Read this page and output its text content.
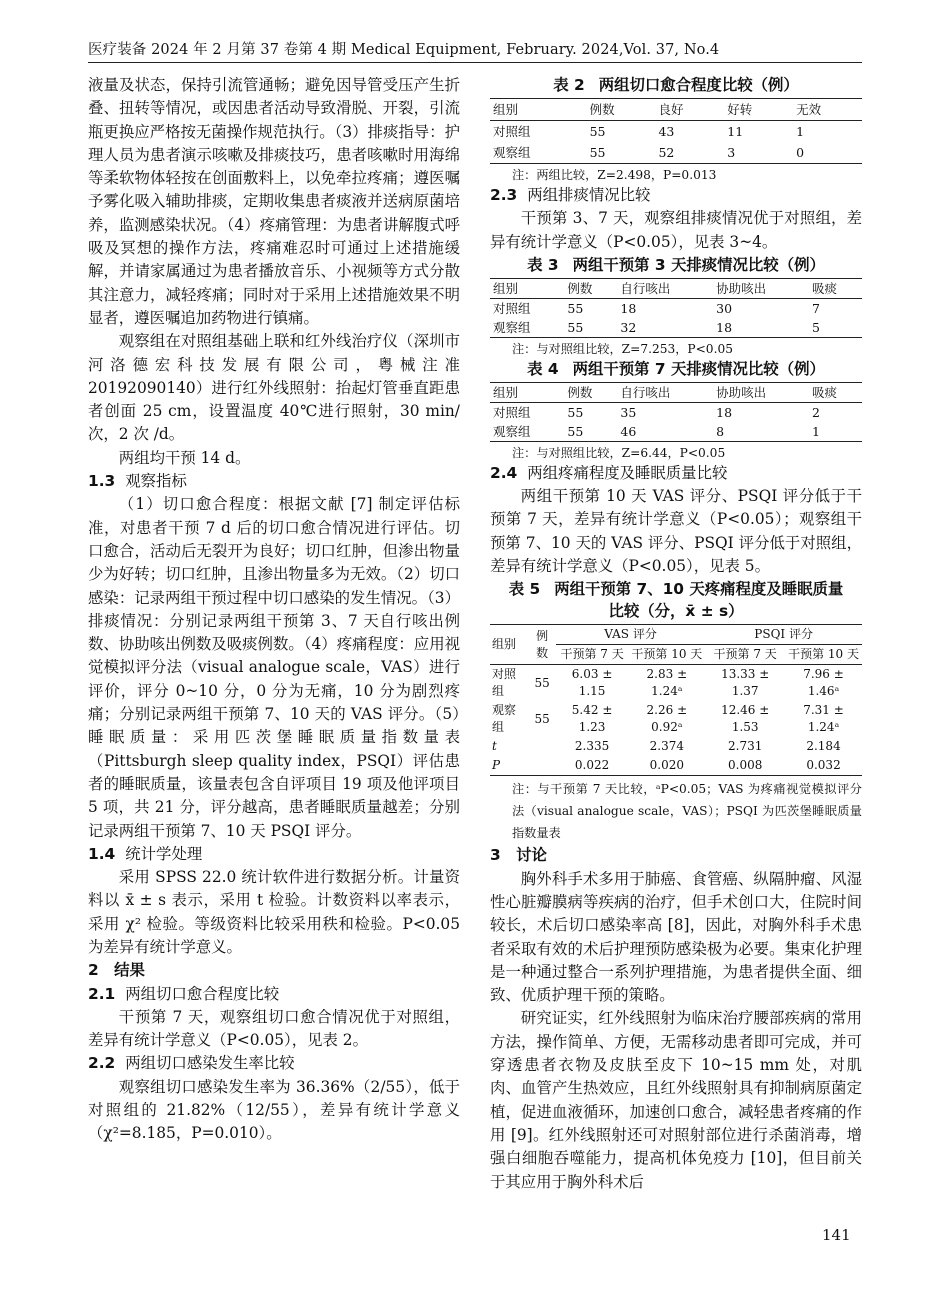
医疗装备 2024 年 2 月第 37 卷第 4 期 Medical Equipment, February. 2024,Vol. 37, No.4

液量及状态，保持引流管通畅；避免因导管受压产生折叠、扭转等情况，或因患者活动导致滑脱、开裂，引流瓶更换应严格按无菌操作规范执行。（3）排痰指导：护理人员为患者演示咳嗽及排痰技巧，患者咳嗽时用海绵等柔软物体轻按在创面敷料上，以免牵拉疼痛；遵医嘱予雾化吸入辅助排痰，定期收集患者痰液并送病原菌培养，监测感染状况。（4）疼痛管理：为患者讲解腹式呼吸及冥想的操作方法，疼痛难忍时可通过上述措施缓解，并请家属通过为患者播放音乐、小视频等方式分散其注意力，减轻疼痛；同时对于采用上述措施效果不明显者，遵医嘱追加药物进行镇痛。

观察组在对照组基础上联和红外线治疗仪（深圳市河洛德宏科技发展有限公司，粤械注准 20192090140）进行红外线照射：抬起灯管垂直距患者创面 25 cm，设置温度 40℃进行照射，30 min/ 次，2 次 /d。

两组均干预 14 d。

1.3 观察指标

（1）切口愈合程度：根据文献 [7] 制定评估标准，对患者干预 7 d 后的切口愈合情况进行评估。切口愈合，活动后无裂开为良好；切口红肿，但渗出物量少为好转；切口红肿，且渗出物量多为无效。（2）切口感染：记录两组干预过程中切口感染的发生情况。（3）排痰情况：分别记录两组干预第 3、7 天自行咳出例数、协助咳出例数及吸痰例数。（4）疼痛程度：应用视觉模拟评分法（visual analogue scale，VAS）进行评价，评分 0~10 分，0 分为无痛，10 分为剧烈疼痛；分别记录两组干预第 7、10 天的 VAS 评分。（5）睡眠质量：采用匹茨堡睡眠质量指数量表（Pittsburgh sleep quality index，PSQI）评估患者的睡眠质量，该量表包含自评项目 19 项及他评项目 5 项，共 21 分，评分越高，患者睡眠质量越差；分别记录两组干预第 7、10 天 PSQI 评分。

1.4 统计学处理

采用 SPSS 22.0 统计软件进行数据分析。计量资料以 x̄ ± s 表示，采用 t 检验。计数资料以率表示，采用 χ² 检验。等级资料比较采用秩和检验。P<0.05 为差异有统计学意义。

2　结果

2.1 两组切口愈合程度比较

干预第 7 天，观察组切口愈合情况优于对照组，差异有统计学意义（P<0.05），见表 2。

2.2 两组切口感染发生率比较

观察组切口感染发生率为 36.36%（2/55），低于对照组的 21.82%（12/55），差异有统计学意义（χ²=8.185，P=0.010）。

表 2 两组切口愈合程度比较（例）

组别	例数	良好	好转	无效
对照组	55	43	11	1
观察组	55	52	3	0

注：两组比较，Z=2.498，P=0.013

2.3 两组排痰情况比较

干预第 3、7 天，观察组排痰情况优于对照组，差异有统计学意义（P<0.05），见表 3~4。

表 3 两组干预第 3 天排痰情况比较（例）

组别	例数	自行咳出	协助咳出	吸痰
对照组	55	18	30	7
观察组	55	32	18	5

注：与对照组比较，Z=7.253，P<0.05

表 4 两组干预第 7 天排痰情况比较（例）

组别	例数	自行咳出	协助咳出	吸痰
对照组	55	35	18	2
观察组	55	46	8	1

注：与对照组比较，Z=6.44，P<0.05

2.4 两组疼痛程度及睡眠质量比较

两组干预第 10 天 VAS 评分、PSQI 评分低于干预第 7 天，差异有统计学意义（P<0.05）；观察组干预第 7、10 天的 VAS 评分、PSQI 评分低于对照组，差异有统计学意义（P<0.05），见表 5。

表 5 两组干预第 7、10 天疼痛程度及睡眠质量
比较（分，x̄ ± s）

组别	例数	VAS 评分		PSQI 评分	
		干预第 7 天	干预第 10 天	干预第 7 天	干预第 10 天
对照组	55	6.03 ± 1.15	2.83 ± 1.24ᵃ	13.33 ± 1.37	7.96 ± 1.46ᵃ
观察组	55	5.42 ± 1.23	2.26 ± 0.92ᵃ	12.46 ± 1.53	7.31 ± 1.24ᵃ
t		2.335	2.374	2.731	2.184
P		0.022	0.020	0.008	0.032

注：与干预第 7 天比较，ᵃP<0.05；VAS 为疼痛视觉模拟评分法（visual analogue scale，VAS）；PSQI 为匹茨堡睡眠质量指数量表

3　讨论

胸外科手术多用于肺癌、食管癌、纵隔肿瘤、风湿性心脏瓣膜病等疾病的治疗，但手术创口大，住院时间较长，术后切口感染率高 [8]，因此，对胸外科手术患者采取有效的术后护理预防感染极为必要。集束化护理是一种通过整合一系列护理措施，为患者提供全面、细致、优质护理干预的策略。

研究证实，红外线照射为临床治疗腰部疾病的常用方法，操作简单、方便，无需移动患者即可完成，并可穿透患者衣物及皮肤至皮下 10~15 mm 处，对肌肉、血管产生热效应，且红外线照射具有抑制病原菌定植，促进血液循环，加速创口愈合，减轻患者疼痛的作用 [9]。红外线照射还可对照射部位进行杀菌消毒，增强白细胞吞噬能力，提高机体免疫力 [10]，但目前关于其应用于胸外科术后

141
